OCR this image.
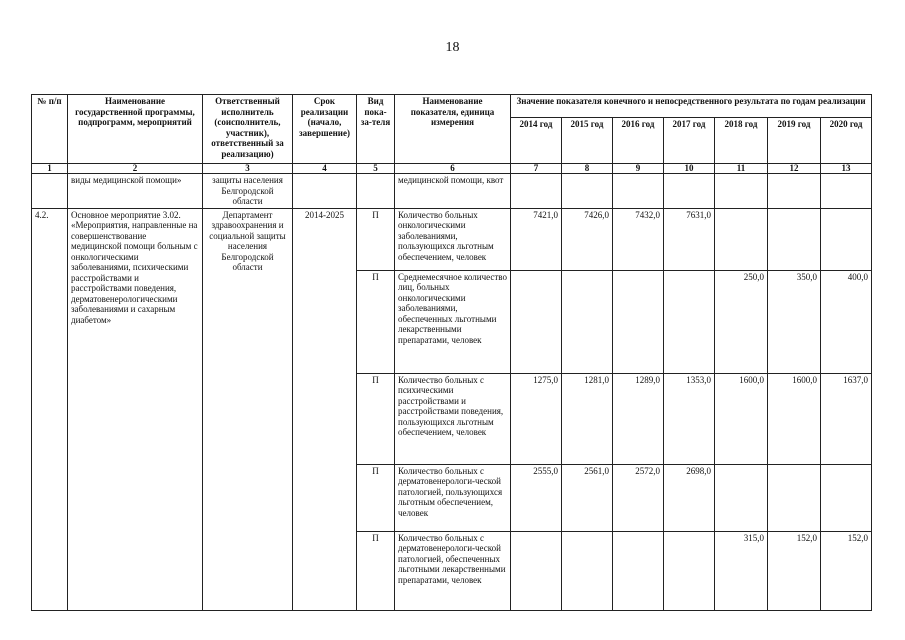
18
№ п/п	Наименование государственной программы, подпрограмм, мероприятий	Ответственный исполнитель (соисполнитель, участник), ответственный за реализацию)	Срок реализации (начало, завершение)	Вид пока-за-теля	Наименование показателя, единица измерения	Значение показателя конечного и непосредственного результата по годам реализации						
						2014 год	2015 год	2016 год	2017 год	2018 год	2019 год	2020 год
1	2	3	4	5	6	7	8	9	10	11	12	13
	виды медицинской помощи»	защиты населения Белгородской области			медицинской помощи, квот							
4.2.	Основное мероприятие 3.02. «Мероприятия, направленные на совершенствование медицинской помощи больным с онкологическими заболеваниями, психическими расстройствами и расстройствами поведения, дерматовенерологическими заболеваниями и сахарным диабетом»	Департамент здравоохранения и социальной защиты населения Белгородской области	2014-2025	П	Количество больных онкологическими заболеваниями, пользующихся льготным обеспечением, человек	7421,0	7426,0	7432,0	7631,0			
				П	Среднемесячное количество лиц, больных онкологическими заболеваниями, обеспеченных льготными лекарственными препаратами, человек					250,0	350,0	400,0
				П	Количество больных с психическими расстройствами и расстройствами поведения, пользующихся льготным обеспечением, человек	1275,0	1281,0	1289,0	1353,0	1600,0	1600,0	1637,0
				П	Количество больных с дерматовенерологи-ческой патологией, пользующихся льготным обеспечением, человек	2555,0	2561,0	2572,0	2698,0			
				П	Количество больных с дерматовенерологи-ческой патологией, обеспеченных льготными лекарственными препаратами, человек					315,0	152,0	152,0
